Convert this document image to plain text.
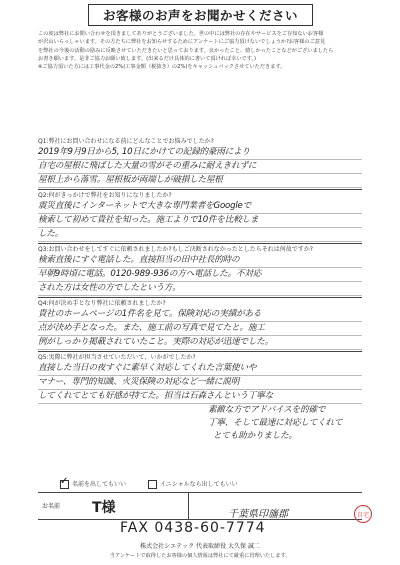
お客様のお声をお聞かせください

この度は弊社にお問い合わせを頂きましてありがとうございました。世の中には弊社の存在やサービスをご存知ないお客様

が沢山いらっしゃいます。その方たちに弊社をお知らせするためにアンケートにご協力頂けないでしょうか?お客様のご意見

を弊社の今後の活動の励みに反映させていただきたいと思っております。良かったこと、嬉しかったことなどがございましたら

お書き願います。是非ご協力お願い致します。(出来るだけ具体的に書いて頂ければ幸いです。)

※ご協力頂いた方には工事代金の2%(工事金額（税抜き）の2%)をキャッシュバックさせていただきます。

Q1:弊社にお問い合わせになる前にどんなことでお悩みでしたか?
2019年9月9日から5, 10日にかけての記録的豪雨により
自宅の屋根に飛ばした大量の雪がその重みに耐えきれずに
屋根上から落雪。屋根板が両端しが破損した屋根
Q2:何がきっかけで弊社をお知りになりましたか?
震災直後にインターネットで大きな専門業者をGoogleで
検索して初めて貴社を知った。施工よりで10件を比較しま
した。
Q3:お問い合わせをしてすぐに依頼されましたか?もしご決断されなかったとしたらそれは何故ですか?
検索直後にすぐ電話した。直接担当の田中社長的時の
早朝9時頃に電話。0120-989-936の方へ電話した。不対応
された方は女性の方でしたという方。
Q4:何が決め手となり弊社に依頼されましたか?
貴社のホームページの1件名を見て。保険対応の実績がある
点が決め手となった。また、施工前の写真で見てたと。施工
例がしっかり掲載されていたこと。実際の対応が迅速でした。
Q5:実際に弊社が担当させていただいて、いかがでしたか?
直接した当日の夜すぐに素早く対応してくれた言葉使いや
マナー、専門的知識、火災保険の対応など一緒に説明
してくれてとても好感が持てた。担当は石森さんという丁寧な
素敵な方でアドバイスを的確で
丁寧、そして最速に対応してくれて
とても助かりました。
✓名前を出してもいい	イニシャルなら出してもいい
お名前 T様	千葉県印旛郡	自宅
FAX 0438-60-7774
株式会社シエテック 代表取締役 大久保 誠二
当アンケートで取得したお客様の個人情報は弊社にて厳重に管理いたします。
